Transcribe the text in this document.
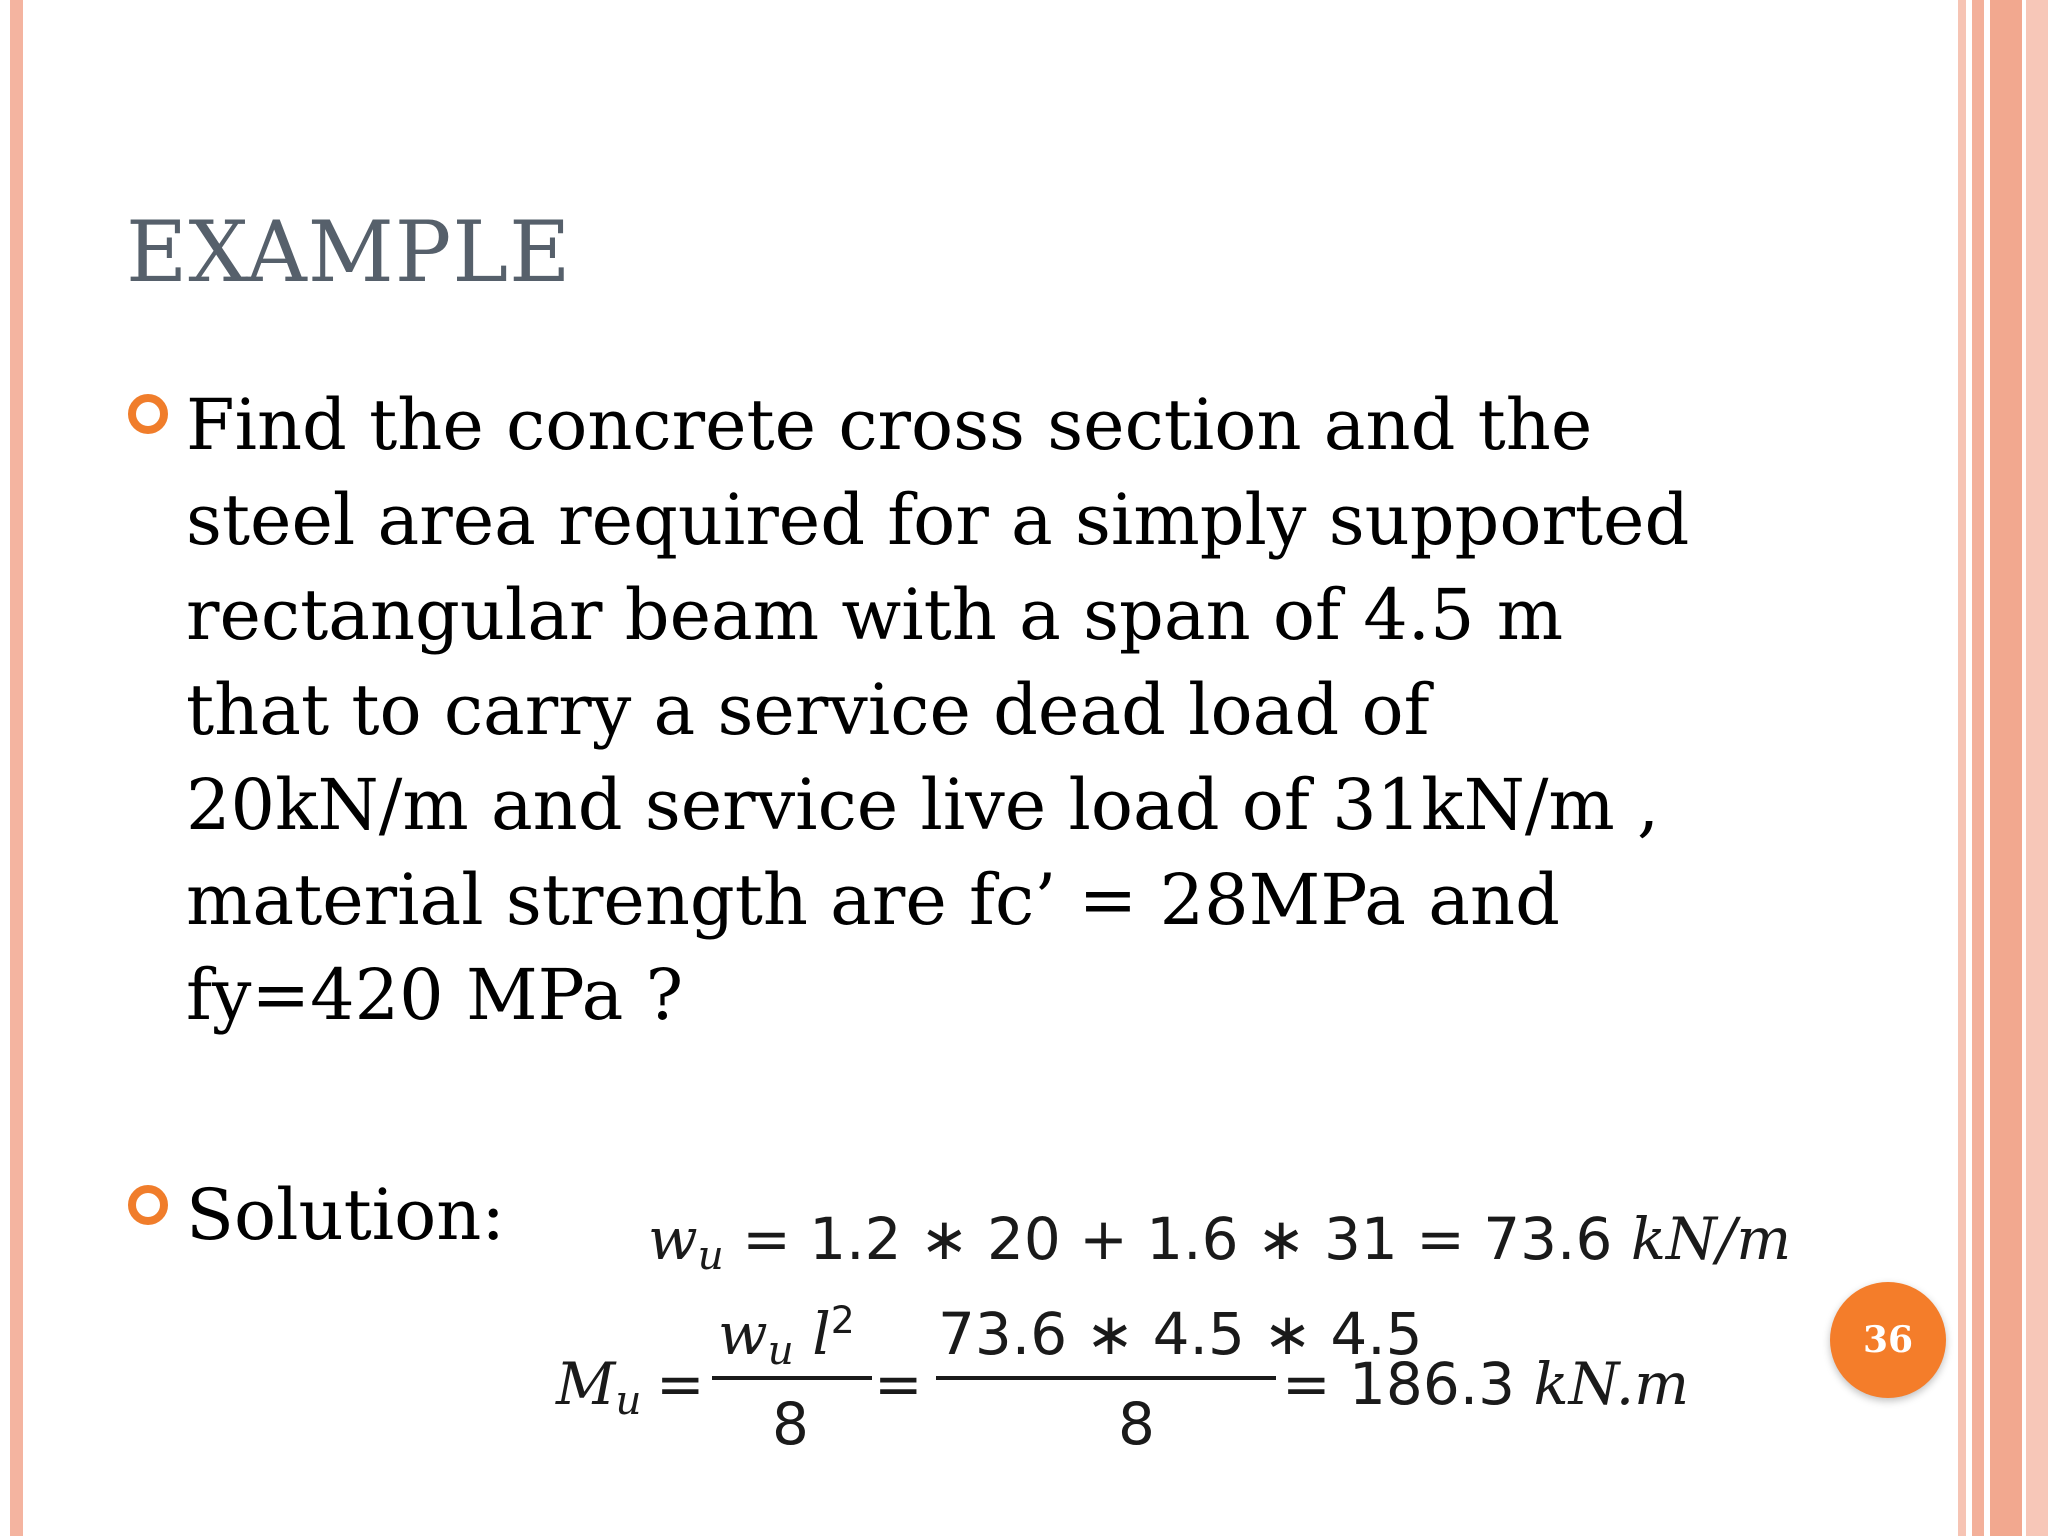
EXAMPLE
Find the concrete cross section and the
steel area required for a simply supported
rectangular beam with a span of 4.5 m
that to carry a service dead load of
20kN/m and service live load of 31kN/m ,
material strength are fc’ = 28MPa and
fy=420 MPa ?
Solution: wu = 1.2 ∗ 20 + 1.6 ∗ 31 = 73.6 kN/m
Mu =
wu $l^2$
8
=
73.6 ∗ 4.5 ∗ 4.5
8
= 186.3 kN.m
36
